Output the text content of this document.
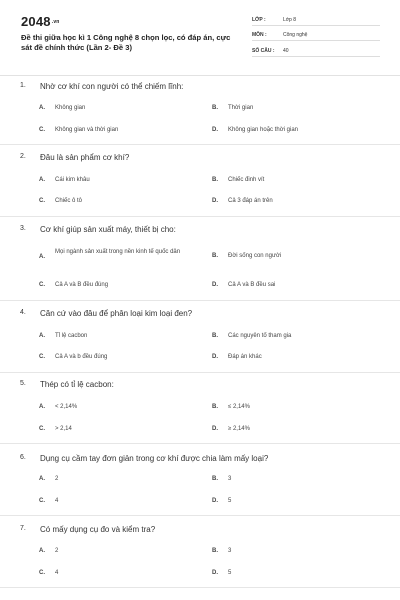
$2048^{.vn}$
Đề thi giữa học kì 1 Công nghệ 8 chọn lọc, có đáp án, cực sát đề chính thức (Lần 2- Đề 3)
LỚP :	Lớp 8
MÔN :	Công nghệ
SỐ CÂU : 40
1. Nhờ cơ khí con người có thể chiếm lĩnh:
A. Không gian	B. Thời gian
C. Không gian và thời gian	D. Không gian hoặc thời gian
2. Đâu là sản phẩm cơ khí?
A. Cái kim khâu	B. Chiếc đinh vít
C. Chiếc ô tô	D. Cả 3 đáp án trên
3. Cơ khí giúp sản xuất máy, thiết bị cho:
A.
Mọi ngành sản xuất trong nền kinh tế quốc dân
B. Đời sống con người
C. Cả A và B đều đúng	D. Cả A và B đều sai
4. Căn cứ vào đâu để phân loại kim loại đen?
A. Tỉ lệ cacbon	B. Các nguyên tố tham gia
C. Cả A và b đều đúng	D. Đáp án khác
5. Thép có tỉ lệ cacbon:
A. < 2,14%	B. ≤ 2,14%
C. > 2,14	D. ≥ 2,14%
6. Dụng cụ cầm tay đơn giản trong cơ khí được chia làm mấy loại?
A. 2	B. 3
C. 4	D. 5
7. Có mấy dụng cụ đo và kiểm tra?
A. 2	B. 3
C. 4	D. 5
